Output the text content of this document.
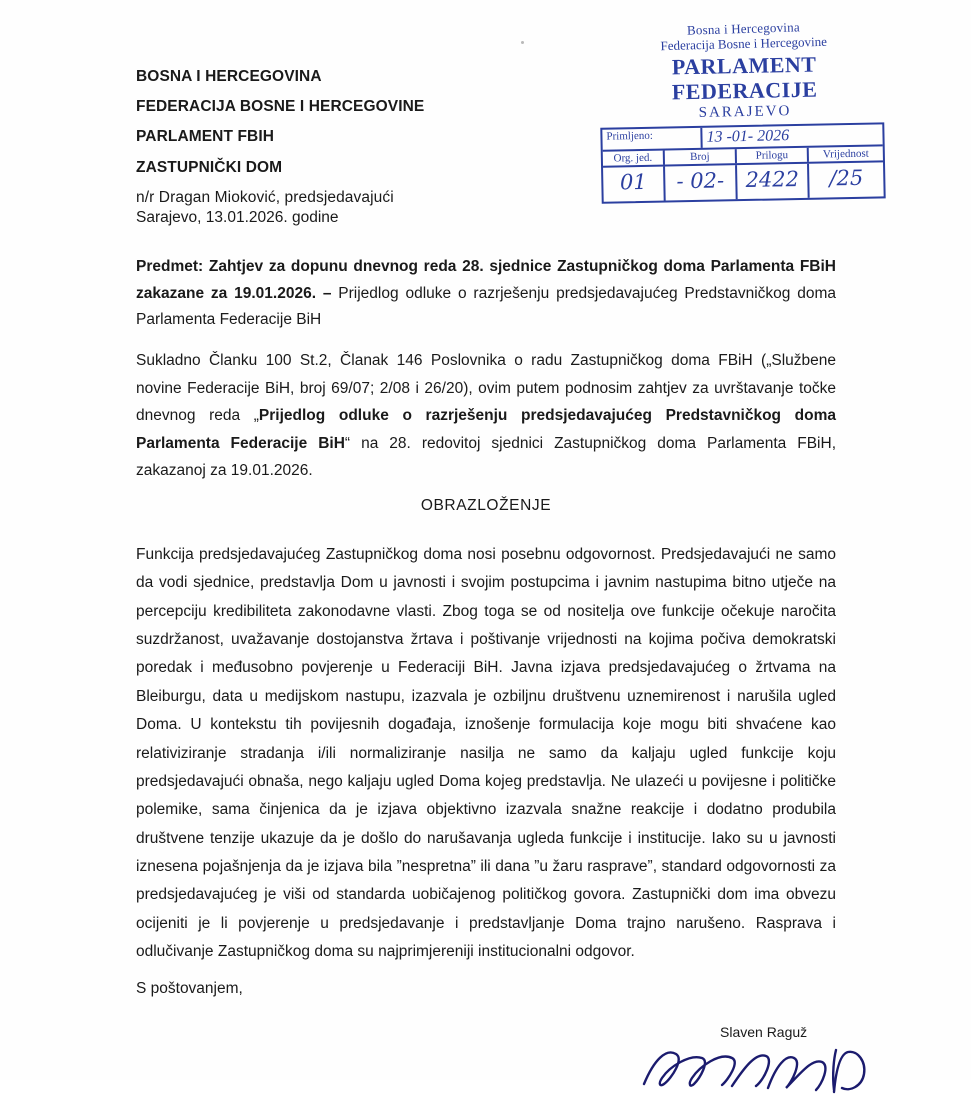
Bosna i Hercegovina
Federacija Bosne i Hercegovine
PARLAMENT FEDERACIJE
SARAJEVO
Primljeno:	13 -01- 2026
Org. jed.	Broj	Prilogu	Vrijednost
01	- 02-	2422	/25
BOSNA I HERCEGOVINA
FEDERACIJA BOSNE I HERCEGOVINE
PARLAMENT FBIH
ZASTUPNIČKI DOM
n/r Dragan Mioković, predsjedavajući
Sarajevo, 13.01.2026. godine
Predmet: Zahtjev za dopunu dnevnog reda 28. sjednice Zastupničkog doma Parlamenta FBiH zakazane za 19.01.2026. – Prijedlog odluke o razrješenju predsjedavajućeg Predstavničkog doma Parlamenta Federacije BiH
Sukladno Članku 100 St.2, Članak 146 Poslovnika o radu Zastupničkog doma FBiH („Službene novine Federacije BiH, broj 69/07; 2/08 i 26/20), ovim putem podnosim zahtjev za uvrštavanje točke dnevnog reda „Prijedlog odluke o razrješenju predsjedavajućeg Predstavničkog doma Parlamenta Federacije BiH“ na 28. redovitoj sjednici Zastupničkog doma Parlamenta FBiH, zakazanoj za 19.01.2026.
OBRAZLOŽENJE
Funkcija predsjedavajućeg Zastupničkog doma nosi posebnu odgovornost. Predsjedavajući ne samo da vodi sjednice, predstavlja Dom u javnosti i svojim postupcima i javnim nastupima bitno utječe na percepciju kredibiliteta zakonodavne vlasti. Zbog toga se od nositelja ove funkcije očekuje naročita suzdržanost, uvažavanje dostojanstva žrtava i poštivanje vrijednosti na kojima počiva demokratski poredak i međusobno povjerenje u Federaciji BiH. Javna izjava predsjedavajućeg o žrtvama na Bleiburgu, data u medijskom nastupu, izazvala je ozbiljnu društvenu uznemirenost i narušila ugled Doma. U kontekstu tih povijesnih događaja, iznošenje formulacija koje mogu biti shvaćene kao relativiziranje stradanja i/ili normaliziranje nasilja ne samo da kaljaju ugled funkcije koju predsjedavajući obnaša, nego kaljaju ugled Doma kojeg predstavlja. Ne ulazeći u povijesne i političke polemike, sama činjenica da je izjava objektivno izazvala snažne reakcije i dodatno produbila društvene tenzije ukazuje da je došlo do narušavanja ugleda funkcije i institucije. Iako su u javnosti iznesena pojašnjenja da je izjava bila ”nespretna” ili dana ”u žaru rasprave”, standard odgovornosti za predsjedavajućeg je viši od standarda uobičajenog političkog govora. Zastupnički dom ima obvezu ocijeniti je li povjerenje u predsjedavanje i predstavljanje Doma trajno narušeno. Rasprava i odlučivanje Zastupničkog doma su najprimjereniji institucionalni odgovor.
S poštovanjem,
Slaven Raguž
